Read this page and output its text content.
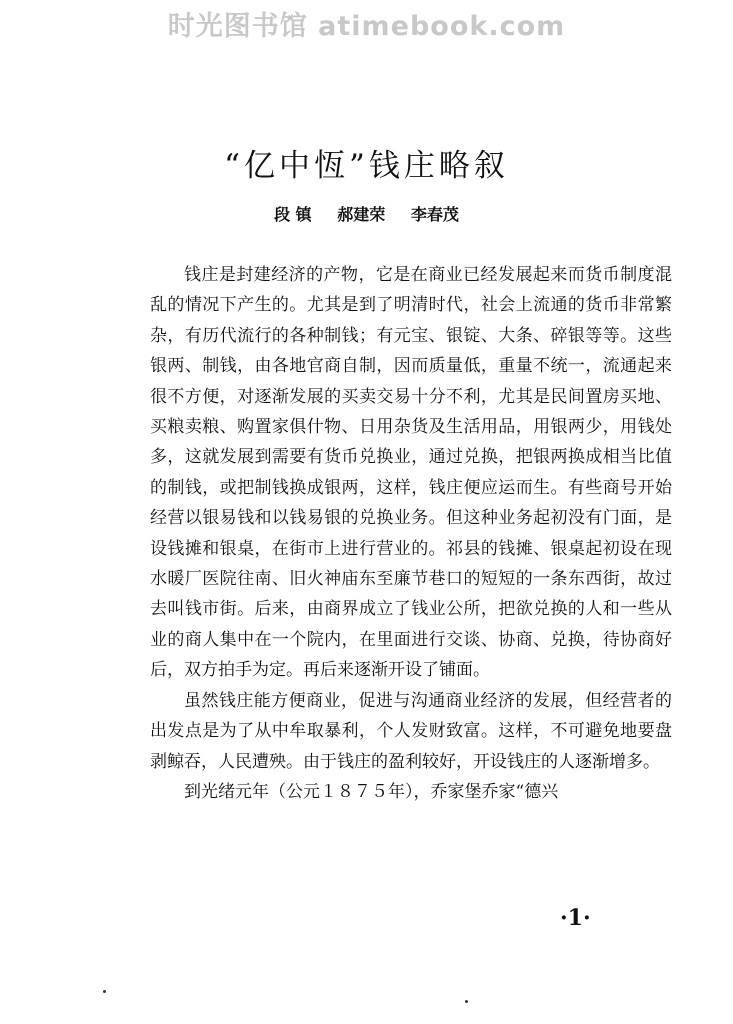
时光图书馆 atimebook.com
“亿中恆”钱庄略叙
段 镇 郝建荣 李春茂

钱庄是封建经济的产物，它是在商业已经发展起来而货币制度混乱的情况下产生的。尤其是到了明清时代，社会上流通的货币非常繁杂，有历代流行的各种制钱；有元宝、银锭、大条、碎银等等。这些银两、制钱，由各地官商自制，因而质量低，重量不统一，流通起来很不方便，对逐渐发展的买卖交易十分不利，尤其是民间置房买地、买粮卖粮、购置家俱什物、日用杂货及生活用品，用银两少，用钱处多，这就发展到需要有货币兑换业，通过兑换，把银两换成相当比值的制钱，或把制钱换成银两，这样，钱庄便应运而生。有些商号开始经营以银易钱和以钱易银的兑换业务。但这种业务起初没有门面，是设钱摊和银桌，在街市上进行营业的。祁县的钱摊、银桌起初设在现水暖厂医院往南、旧火神庙东至廉节巷口的短短的一条东西街，故过去叫钱市街。后来，由商界成立了钱业公所，把欲兑换的人和一些从业的商人集中在一个院内，在里面进行交谈、协商、兑换，待协商好后，双方拍手为定。再后来逐渐开设了铺面。

虽然钱庄能方便商业，促进与沟通商业经济的发展，但经营者的出发点是为了从中牟取暴利，个人发财致富。这样，不可避免地要盘剥鲸吞，人民遭殃。由于钱庄的盈利较好，开设钱庄的人逐渐增多。

到光绪元年（公元１８７５年），乔家堡乔家“德兴

·1·
